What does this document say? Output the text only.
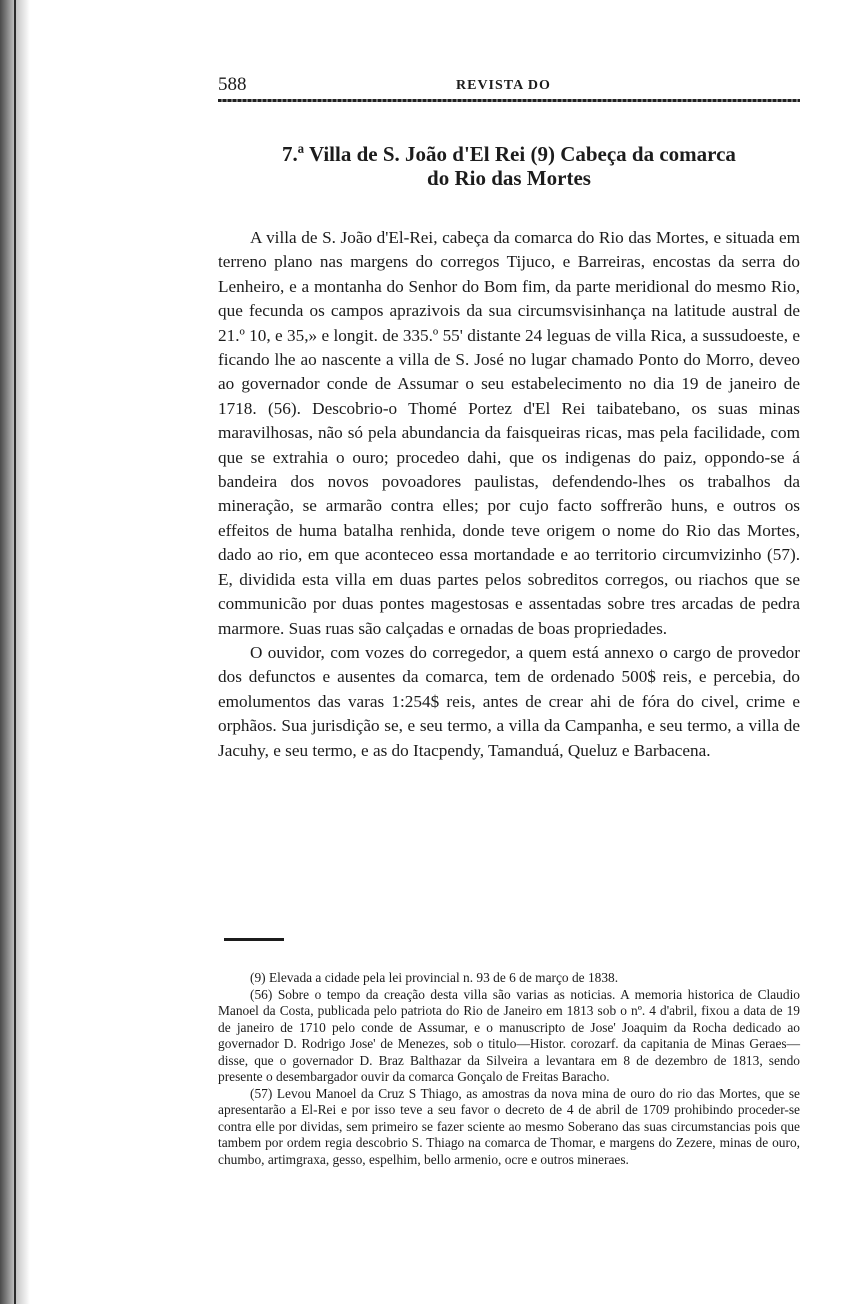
588	REVISTA DO
7.ª Villa de S. João d'El Rei (9) Cabeça da comarca
do Rio das Mortes

A villa de S. João d'El-Rei, cabeça da comarca do Rio das Mortes, e situada em terreno plano nas margens do corregos Tijuco, e Barreiras, encostas da serra do Lenheiro, e a montanha do Senhor do Bom fim, da parte meridional do mesmo Rio, que fecunda os campos aprazivois da sua circumsvisinhança na latitude austral de 21.º 10, e 35,» e longit. de 335.º 55' distante 24 leguas de villa Rica, a sussudoeste, e ficando lhe ao nascente a villa de S. José no lugar chamado Ponto do Morro, deveo ao governador conde de Assumar o seu estabelecimento no dia 19 de janeiro de 1718. (56). Descobrio-o Thomé Portez d'El Rei taibatebano, os suas minas maravilhosas, não só pela abundancia da faisqueiras ricas, mas pela facilidade, com que se extrahia o ouro; procedeo dahi, que os indigenas do paiz, oppondo-se á bandeira dos novos povoadores paulistas, defendendo-lhes os trabalhos da mineração, se armarão contra elles; por cujo facto soffrerão huns, e outros os effeitos de huma batalha renhida, donde teve origem o nome do Rio das Mortes, dado ao rio, em que aconteceo essa mortandade e ao territorio circumvizinho (57). E, dividida esta villa em duas partes pelos sobreditos corregos, ou riachos que se communicão por duas pontes magestosas e assentadas sobre tres arcadas de pedra marmore. Suas ruas são calçadas e ornadas de boas propriedades.

O ouvidor, com vozes do corregedor, a quem está annexo o cargo de provedor dos defunctos e ausentes da comarca, tem de ordenado 500$ reis, e percebia, do emolumentos das varas 1:254$ reis, antes de crear ahi de fóra do civel, crime e orphãos. Sua jurisdição se, e seu termo, a villa da Campanha, e seu termo, a villa de Jacuhy, e seu termo, e as do Itacpendy, Tamanduá, Queluz e Barbacena.

(9) Elevada a cidade pela lei provincial n. 93 de 6 de março de 1838.

(56) Sobre o tempo da creação desta villa são varias as noticias. A memoria historica de Claudio Manoel da Costa, publicada pelo patriota do Rio de Janeiro em 1813 sob o nº. 4 d'abril, fixou a data de 19 de janeiro de 1710 pelo conde de Assumar, e o manuscripto de Jose' Joaquim da Rocha dedicado ao governador D. Rodrigo Jose' de Menezes, sob o titulo—Histor. corozarf. da capitania de Minas Geraes—disse, que o governador D. Braz Balthazar da Silveira a levantara em 8 de dezembro de 1813, sendo presente o desembargador ouvir da comarca Gonçalo de Freitas Baracho.

(57) Levou Manoel da Cruz S Thiago, as amostras da nova mina de ouro do rio das Mortes, que se apresentarão a El-Rei e por isso teve a seu favor o decreto de 4 de abril de 1709 prohibindo proceder-se contra elle por dividas, sem primeiro se fazer sciente ao mesmo Soberano das suas circumstancias pois que tambem por ordem regia descobrio S. Thiago na comarca de Thomar, e margens do Zezere, minas de ouro, chumbo, artimgraxa, gesso, espelhim, bello armenio, ocre e outros mineraes.
